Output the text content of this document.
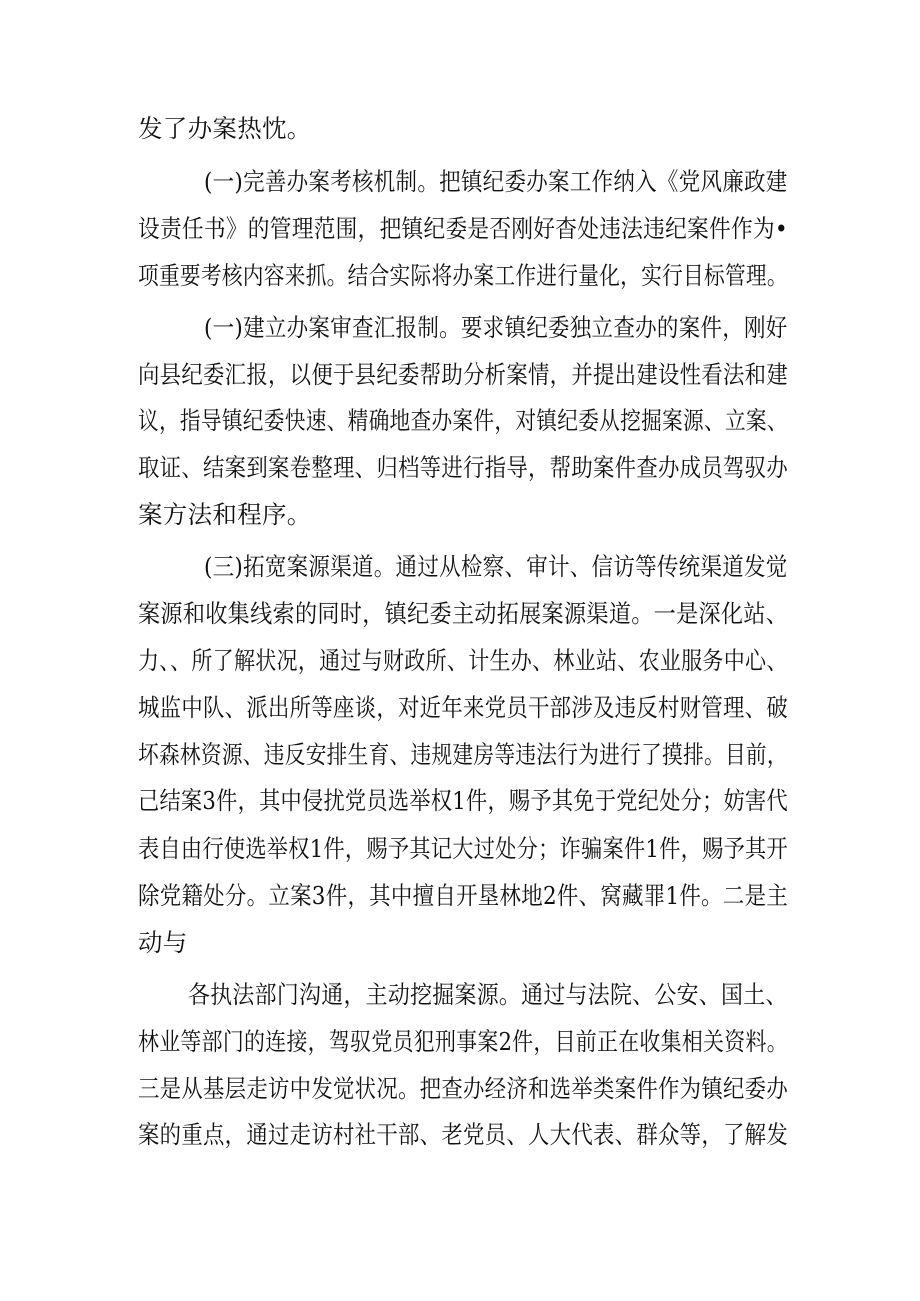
发了办案热忱。
(一)完善办案考核机制。把镇纪委办案工作纳入《党风廉政建
设责任书》的管理范围，把镇纪委是否刚好杳处违法违纪案件作为•
项重要考核内容来抓。结合实际将办案工作进行量化，实行目标管理。
(一)建立办案审查汇报制。要求镇纪委独立查办的案件，刚好
向县纪委汇报，以便于县纪委帮助分析案情，并提出建设性看法和建
议，指导镇纪委快速、精确地查办案件，对镇纪委从挖掘案源、立案、
取证、结案到案卷整理、归档等进行指导，帮助案件查办成员驾驭办
案方法和程序。
(三)拓宽案源渠道。通过从检察、审计、信访等传统渠道发觉
案源和收集线索的同时，镇纪委主动拓展案源渠道。一是深化站、
力、、所了解状况，通过与财政所、计生办、林业站、农业服务中心、
城监中队、派出所等座谈，对近年来党员干部涉及违反村财管理、破
坏森林资源、违反安排生育、违规建房等违法行为进行了摸排。目前，
己结案3件，其中侵扰党员选举权1件，赐予其免于党纪处分；妨害代
表自由行使选举权1件，赐予其记大过处分；诈骗案件1件，赐予其开
除党籍处分。立案3件，其中擅自开垦林地2件、窝藏罪1件。二是主
动与
各执法部门沟通，主动挖掘案源。通过与法院、公安、国土、
林业等部门的连接，驾驭党员犯刑事案2件，目前正在收集相关资料。
三是从基层走访中发觉状况。把查办经济和选举类案件作为镇纪委办
案的重点，通过走访村社干部、老党员、人大代表、群众等，了解发
